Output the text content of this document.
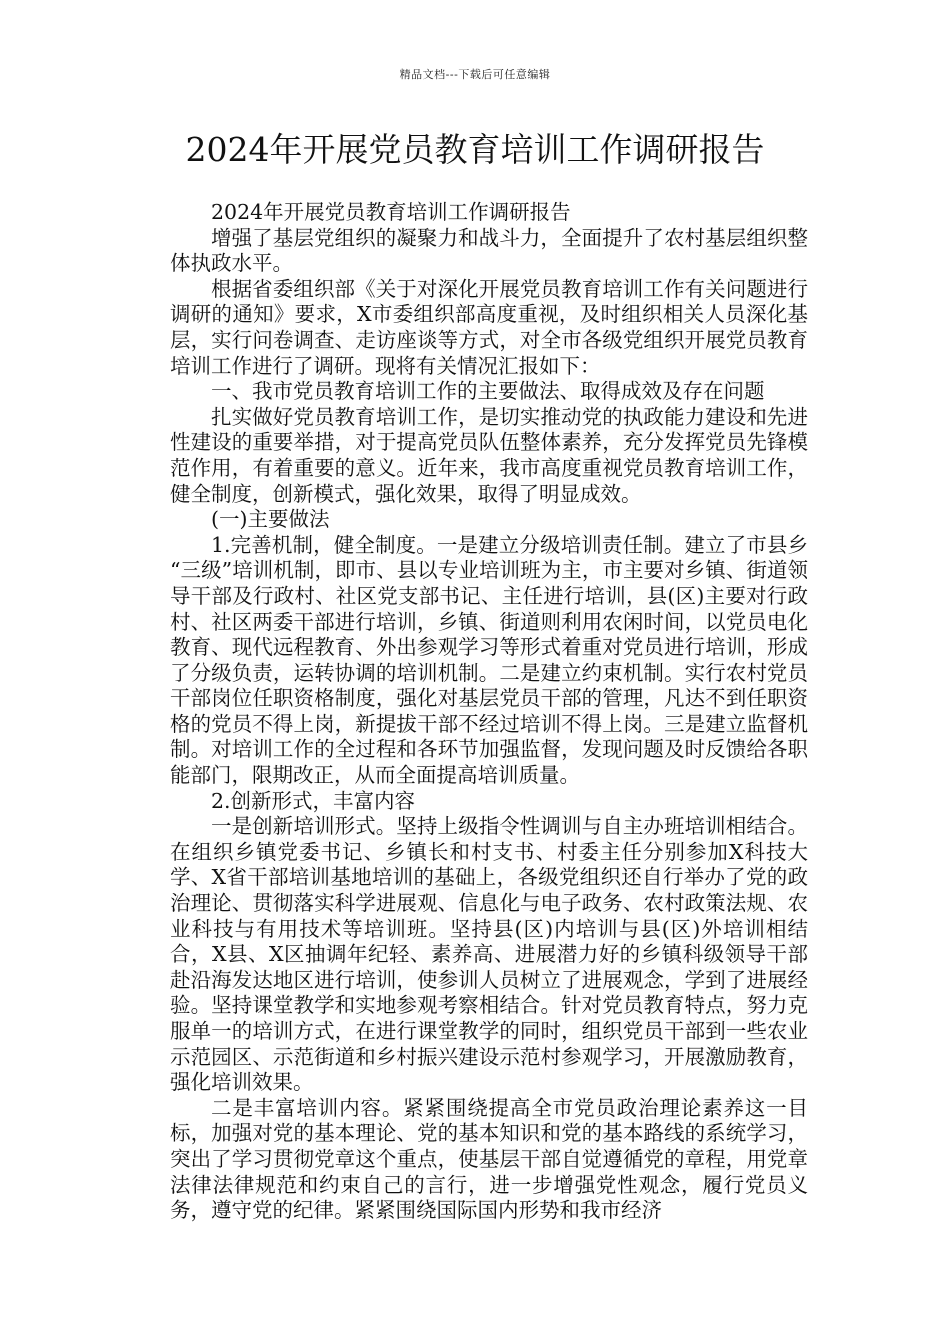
精品文档---下载后可任意编辑
2024年开展党员教育培训工作调研报告

2024年开展党员教育培训工作调研报告

增强了基层党组织的凝聚力和战斗力，全面提升了农村基层组织整体执政水平。

根据省委组织部《关于对深化开展党员教育培训工作有关问题进行调研的通知》要求，X市委组织部高度重视，及时组织相关人员深化基层，实行问卷调查、走访座谈等方式，对全市各级党组织开展党员教育培训工作进行了调研。现将有关情况汇报如下：

一、我市党员教育培训工作的主要做法、取得成效及存在问题

扎实做好党员教育培训工作，是切实推动党的执政能力建设和先进性建设的重要举措，对于提高党员队伍整体素养，充分发挥党员先锋模范作用，有着重要的意义。近年来，我市高度重视党员教育培训工作，健全制度，创新模式，强化效果，取得了明显成效。

(一)主要做法

1.完善机制，健全制度。一是建立分级培训责任制。建立了市县乡 “三级”培训机制，即市、县以专业培训班为主，市主要对乡镇、街道领导干部及行政村、社区党支部书记、主任进行培训，县(区)主要对行政村、社区两委干部进行培训，乡镇、街道则利用农闲时间，以党员电化教育、现代远程教育、外出参观学习等形式着重对党员进行培训，形成了分级负责，运转协调的培训机制。二是建立约束机制。实行农村党员干部岗位任职资格制度，强化对基层党员干部的管理，凡达不到任职资格的党员不得上岗，新提拔干部不经过培训不得上岗。三是建立监督机制。对培训工作的全过程和各环节加强监督，发现问题及时反馈给各职能部门，限期改正，从而全面提高培训质量。

2.创新形式，丰富内容

一是创新培训形式。坚持上级指令性调训与自主办班培训相结合。在组织乡镇党委书记、乡镇长和村支书、村委主任分别参加X科技大学、X省干部培训基地培训的基础上，各级党组织还自行举办了党的政治理论、贯彻落实科学进展观、信息化与电子政务、农村政策法规、农业科技与有用技术等培训班。坚持县(区)内培训与县(区)外培训相结合，X县、X区抽调年纪轻、素养高、进展潜力好的乡镇科级领导干部赴沿海发达地区进行培训，使参训人员树立了进展观念，学到了进展经验。坚持课堂教学和实地参观考察相结合。针对党员教育特点，努力克服单一的培训方式，在进行课堂教学的同时，组织党员干部到一些农业示范园区、示范街道和乡村振兴建设示范村参观学习，开展激励教育，强化培训效果。

二是丰富培训内容。紧紧围绕提高全市党员政治理论素养这一目标，加强对党的基本理论、党的基本知识和党的基本路线的系统学习，突出了学习贯彻党章这个重点，使基层干部自觉遵循党的章程，用党章法律法律规范和约束自己的言行，进一步增强党性观念，履行党员义务，遵守党的纪律。紧紧围绕国际国内形势和我市经济
